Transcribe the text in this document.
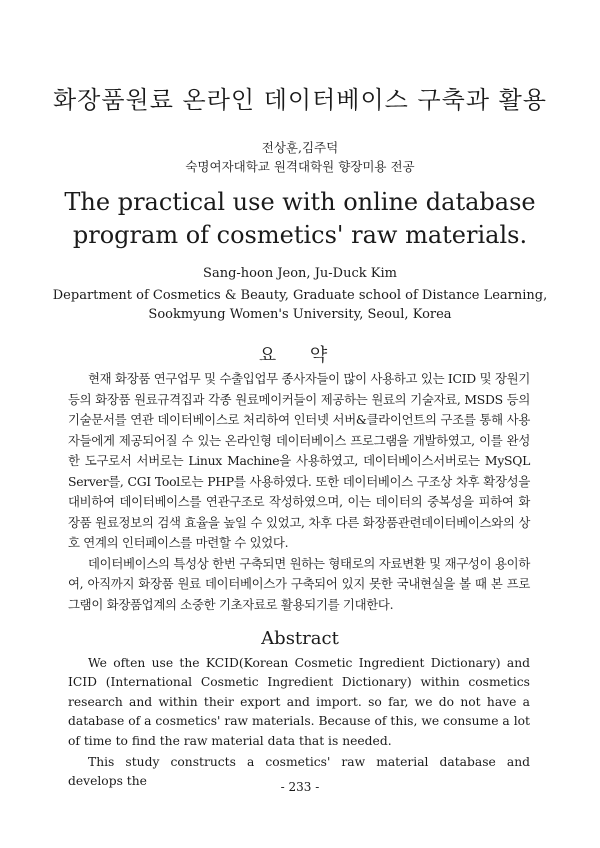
화장품원료 온라인 데이터베이스 구축과 활용
전상훈,김주덕
숙명여자대학교 원격대학원 향장미용 전공
The practical use with online database
program of cosmetics' raw materials.
Sang-hoon Jeon, Ju-Duck Kim
Department of Cosmetics & Beauty, Graduate school of Distance Learning,
Sookmyung Women's University, Seoul, Korea
요 약

현재 화장품 연구업무 및 수출입업무 종사자들이 많이 사용하고 있는 ICID 및 장원기 등의 화장품 원료규격집과 각종 원료메이커들이 제공하는 원료의 기술자료, MSDS 등의 기술문서를 연관 데이터베이스로 처리하여 인터넷 서버&클라이언트의 구조를 통해 사용자들에게 제공되어질 수 있는 온라인형 데이터베이스 프로그램을 개발하였고, 이를 완성한 도구로서 서버로는 Linux Machine을 사용하였고, 데이터베이스서버로는 MySQL Server를, CGI Tool로는 PHP를 사용하였다. 또한 데이터베이스 구조상 차후 확장성을 대비하여 데이터베이스를 연관구조로 작성하였으며, 이는 데이터의 중복성을 피하여 화장품 원료정보의 검색 효율을 높일 수 있었고, 차후 다른 화장품관련데이터베이스와의 상호 연계의 인터페이스를 마련할 수 있었다.

데이터베이스의 특성상 한번 구축되면 원하는 형태로의 자료변환 및 재구성이 용이하여, 아직까지 화장품 원료 데이터베이스가 구축되어 있지 못한 국내현실을 볼 때 본 프로그램이 화장품업계의 소중한 기초자료로 활용되기를 기대한다.

Abstract

We often use the KCID(Korean Cosmetic Ingredient Dictionary) and ICID (International Cosmetic Ingredient Dictionary) within cosmetics research and within their export and import. so far, we do not have a database of a cosmetics' raw materials. Because of this, we consume a lot of time to find the raw material data that is needed.

This study constructs a cosmetics' raw material database and develops the	- 233 -
